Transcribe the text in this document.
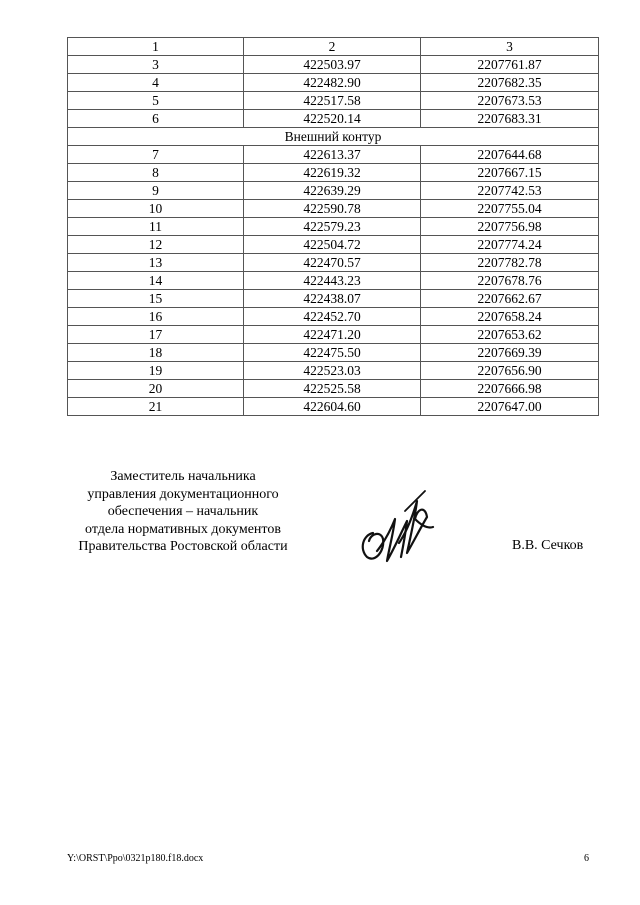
1	2	3
3	422503.97	2207761.87
4	422482.90	2207682.35
5	422517.58	2207673.53
6	422520.14	2207683.31
Внешний контур		
7	422613.37	2207644.68
8	422619.32	2207667.15
9	422639.29	2207742.53
10	422590.78	2207755.04
11	422579.23	2207756.98
12	422504.72	2207774.24
13	422470.57	2207782.78
14	422443.23	2207678.76
15	422438.07	2207662.67
16	422452.70	2207658.24
17	422471.20	2207653.62
18	422475.50	2207669.39
19	422523.03	2207656.90
20	422525.58	2207666.98
21	422604.60	2207647.00
Заместитель начальника
управления документационного
обеспечения – начальник
отдела нормативных документов
Правительства Ростовской области	В.В. Сечков
Y:\ORST\Ppo\0321p180.f18.docx	6
